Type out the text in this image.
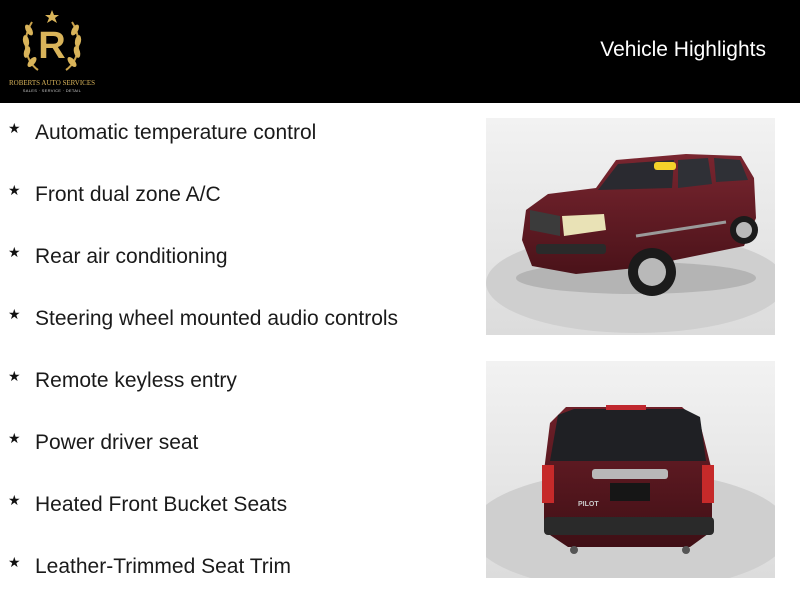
R
ROBERTS AUTO SERVICES
SALES · SERVICE · DETAIL
Vehicle Highlights
★ Automatic temperature control
★ Front dual zone A/C
★ Rear air conditioning
★ Steering wheel mounted audio controls
★ Remote keyless entry
★ Power driver seat
★ Heated Front Bucket Seats
★ Leather-Trimmed Seat Trim
PILOT
